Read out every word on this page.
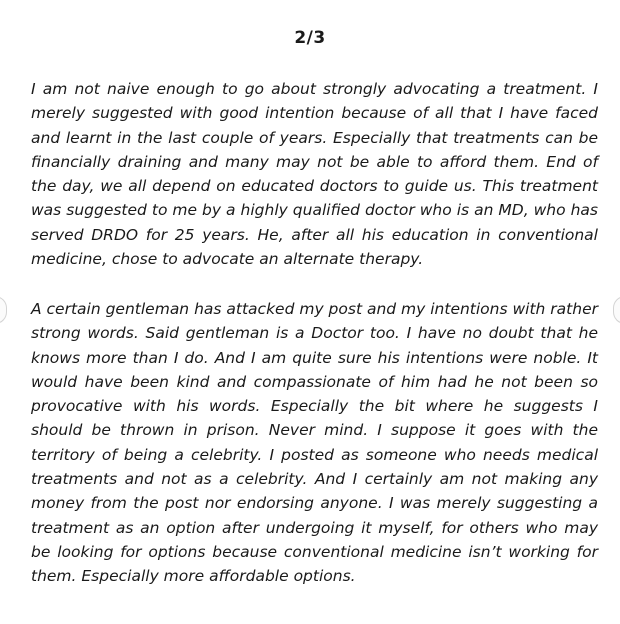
2/3

I am not naive enough to go about strongly advocating a treatment. I merely suggested with good intention because of all that I have faced and learnt in the last couple of years. Especially that treatments can be financially draining and many may not be able to afford them. End of the day, we all depend on educated doctors to guide us. This treatment was suggested to me by a highly qualified doctor who is an MD, who has served DRDO for 25 years. He, after all his education in conventional medicine, chose to advocate an alternate therapy.

A certain gentleman has attacked my post and my intentions with rather strong words. Said gentleman is a Doctor too. I have no doubt that he knows more than I do. And I am quite sure his intentions were noble. It would have been kind and compassionate of him had he not been so provocative with his words. Especially the bit where he suggests I should be thrown in prison. Never mind. I suppose it goes with the territory of being a celebrity. I posted as someone who needs medical treatments and not as a celebrity. And I certainly am not making any money from the post nor endorsing anyone. I was merely suggesting a treatment as an option after undergoing it myself, for others who may be looking for options because conventional medicine isn’t working for them. Especially more affordable options.
